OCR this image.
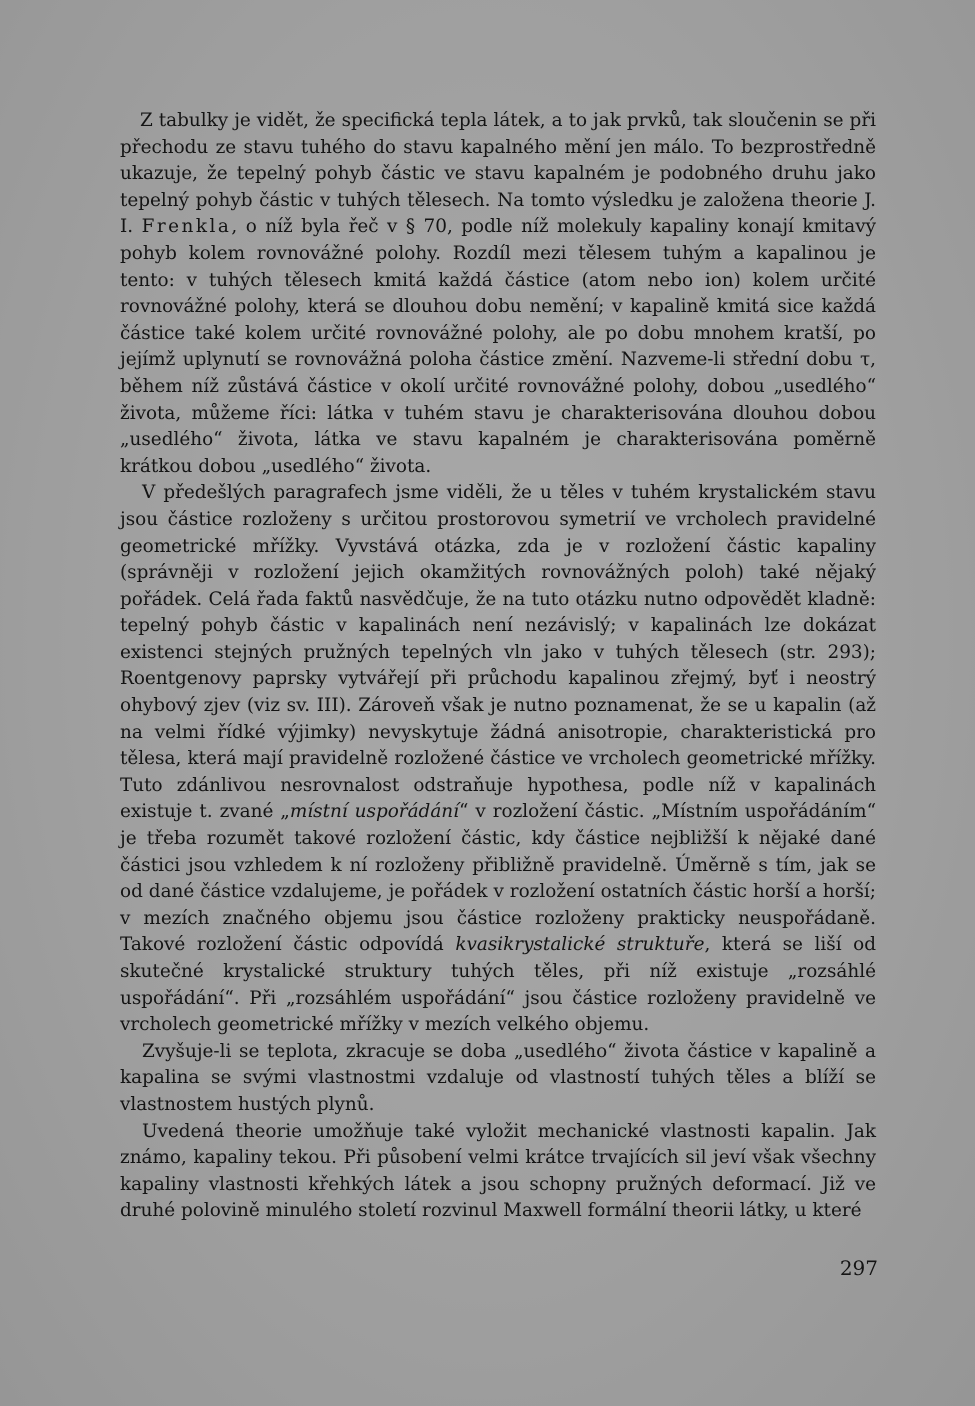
Z tabulky je vidět, že specifická tepla látek, a to jak prvků, tak sloučenin se při přechodu ze stavu tuhého do stavu kapalného mění jen málo. To bezprostředně ukazuje, že tepelný pohyb částic ve stavu kapalném je podobného druhu jako tepelný pohyb částic v tuhých tělesech. Na tomto výsledku je založena theorie J. I. Frenkla, o níž byla řeč v § 70, podle níž molekuly kapaliny konají kmitavý pohyb kolem rovnovážné polohy. Rozdíl mezi tělesem tuhým a kapalinou je tento: v tuhých tělesech kmitá každá částice (atom nebo ion) kolem určité rovnovážné polohy, která se dlouhou dobu nemění; v kapalině kmitá sice každá částice také kolem určité rovnovážné polohy, ale po dobu mnohem kratší, po jejímž uplynutí se rovnovážná poloha částice změní. Nazveme-li střední dobu τ, během níž zůstává částice v okolí určité rovnovážné polohy, dobou „usedlého“ života, můžeme říci: látka v tuhém stavu je charakterisována dlouhou dobou „usedlého“ života, látka ve stavu kapalném je charakterisována poměrně krátkou dobou „usedlého“ života.

V předešlých paragrafech jsme viděli, že u těles v tuhém krystalickém stavu jsou částice rozloženy s určitou prostorovou symetrií ve vrcholech pravidelné geometrické mřížky. Vyvstává otázka, zda je v rozložení částic kapaliny (správněji v rozložení jejich okamžitých rovnovážných poloh) také nějaký pořádek. Celá řada faktů nasvědčuje, že na tuto otázku nutno odpovědět kladně: tepelný pohyb částic v kapalinách není nezávislý; v kapalinách lze dokázat existenci stejných pružných tepelných vln jako v tuhých tělesech (str. 293); Roentgenovy paprsky vytvářejí při průchodu kapalinou zřejmý, byť i neostrý ohybový zjev (viz sv. III). Zároveň však je nutno poznamenat, že se u kapalin (až na velmi řídké výjimky) nevyskytuje žádná anisotropie, charakteristická pro tělesa, která mají pravidelně rozložené částice ve vrcholech geometrické mřížky. Tuto zdánlivou nesrovnalost odstraňuje hypothesa, podle níž v kapalinách existuje t. zvané „místní uspořádání“ v rozložení částic. „Místním uspořádáním“ je třeba rozumět takové rozložení částic, kdy částice nejbližší k nějaké dané částici jsou vzhledem k ní rozloženy přibližně pravidelně. Úměrně s tím, jak se od dané částice vzdalujeme, je pořádek v rozložení ostatních částic horší a horší; v mezích značného objemu jsou částice rozloženy prakticky neuspořádaně. Takové rozložení částic odpovídá kvasikrystalické struktuře, která se liší od skutečné krystalické struktury tuhých těles, při níž existuje „rozsáhlé uspořádání“. Při „rozsáhlém uspořádání“ jsou částice rozloženy pravidelně ve vrcholech geometrické mřížky v mezích velkého objemu.

Zvyšuje-li se teplota, zkracuje se doba „usedlého“ života částice v kapalině a kapalina se svými vlastnostmi vzdaluje od vlastností tuhých těles a blíží se vlastnostem hustých plynů.

Uvedená theorie umožňuje také vyložit mechanické vlastnosti kapalin. Jak známo, kapaliny tekou. Při působení velmi krátce trvajících sil jeví však všechny kapaliny vlastnosti křehkých látek a jsou schopny pružných deformací. Již ve druhé polovině minulého století rozvinul Maxwell formální theorii látky, u které

297
